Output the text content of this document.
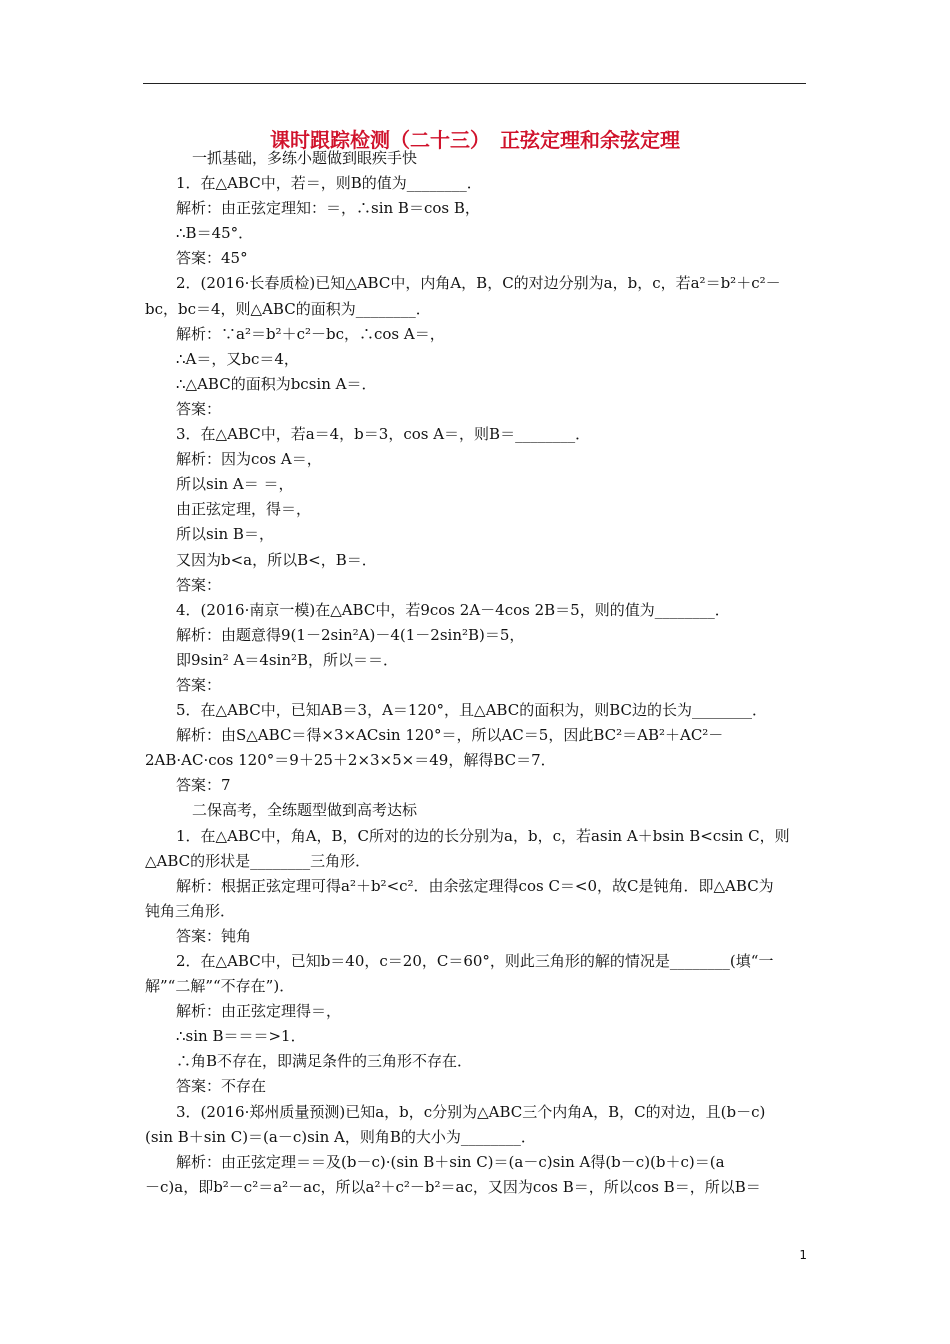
课时跟踪检测（二十三）　正弦定理和余弦定理
一抓基础，多练小题做到眼疾手快
1．在△ABC中，若＝，则B的值为________．
解析：由正弦定理知：＝，∴sin B＝cos B，
∴B＝45°．
答案：45°
2．(2016·长春质检)已知△ABC中，内角A，B，C的对边分别为a，b，c，若a²＝b²＋c²－
bc，bc＝4，则△ABC的面积为________．
解析：∵a²＝b²＋c²－bc，∴cos A＝，
∴A＝，又bc＝4，
∴△ABC的面积为bcsin A＝．
答案：
3．在△ABC中，若a＝4，b＝3，cos A＝，则B＝________．
解析：因为cos A＝，
所以sin A＝ ＝，
由正弦定理，得＝，
所以sin B＝，
又因为b<a，所以B<，B＝．
答案：
4．(2016·南京一模)在△ABC中，若9cos 2A－4cos 2B＝5，则的值为________．
解析：由题意得9(1－2sin²A)－4(1－2sin²B)＝5，
即9sin² A＝4sin²B，所以＝＝．
答案：
5．在△ABC中，已知AB＝3，A＝120°，且△ABC的面积为，则BC边的长为________．
解析：由S△ABC＝得×3×ACsin 120°＝，所以AC＝5，因此BC²＝AB²＋AC²－
2AB·AC·cos 120°＝9＋25＋2×3×5×＝49，解得BC＝7．
答案：7
二保高考，全练题型做到高考达标
1．在△ABC中，角A，B，C所对的边的长分别为a，b，c，若asin A＋bsin B<csin C，则
△ABC的形状是________三角形．
解析：根据正弦定理可得a²＋b²<c²．由余弦定理得cos C＝<0，故C是钝角．即△ABC为
钝角三角形．
答案：钝角
2．在△ABC中，已知b＝40，c＝20，C＝60°，则此三角形的解的情况是________(填“一
解”“二解”“不存在”)．
解析：由正弦定理得＝，
∴sin B＝＝＝>1．
∴角B不存在，即满足条件的三角形不存在．
答案：不存在
3．(2016·郑州质量预测)已知a，b，c分别为△ABC三个内角A，B，C的对边，且(b－c)
(sin B＋sin C)＝(a－c)sin A，则角B的大小为________．
解析：由正弦定理＝＝及(b－c)·(sin B＋sin C)＝(a－c)sin A得(b－c)(b＋c)＝(a
－c)a，即b²－c²＝a²－ac，所以a²＋c²－b²＝ac，又因为cos B＝，所以cos B＝，所以B＝
1
